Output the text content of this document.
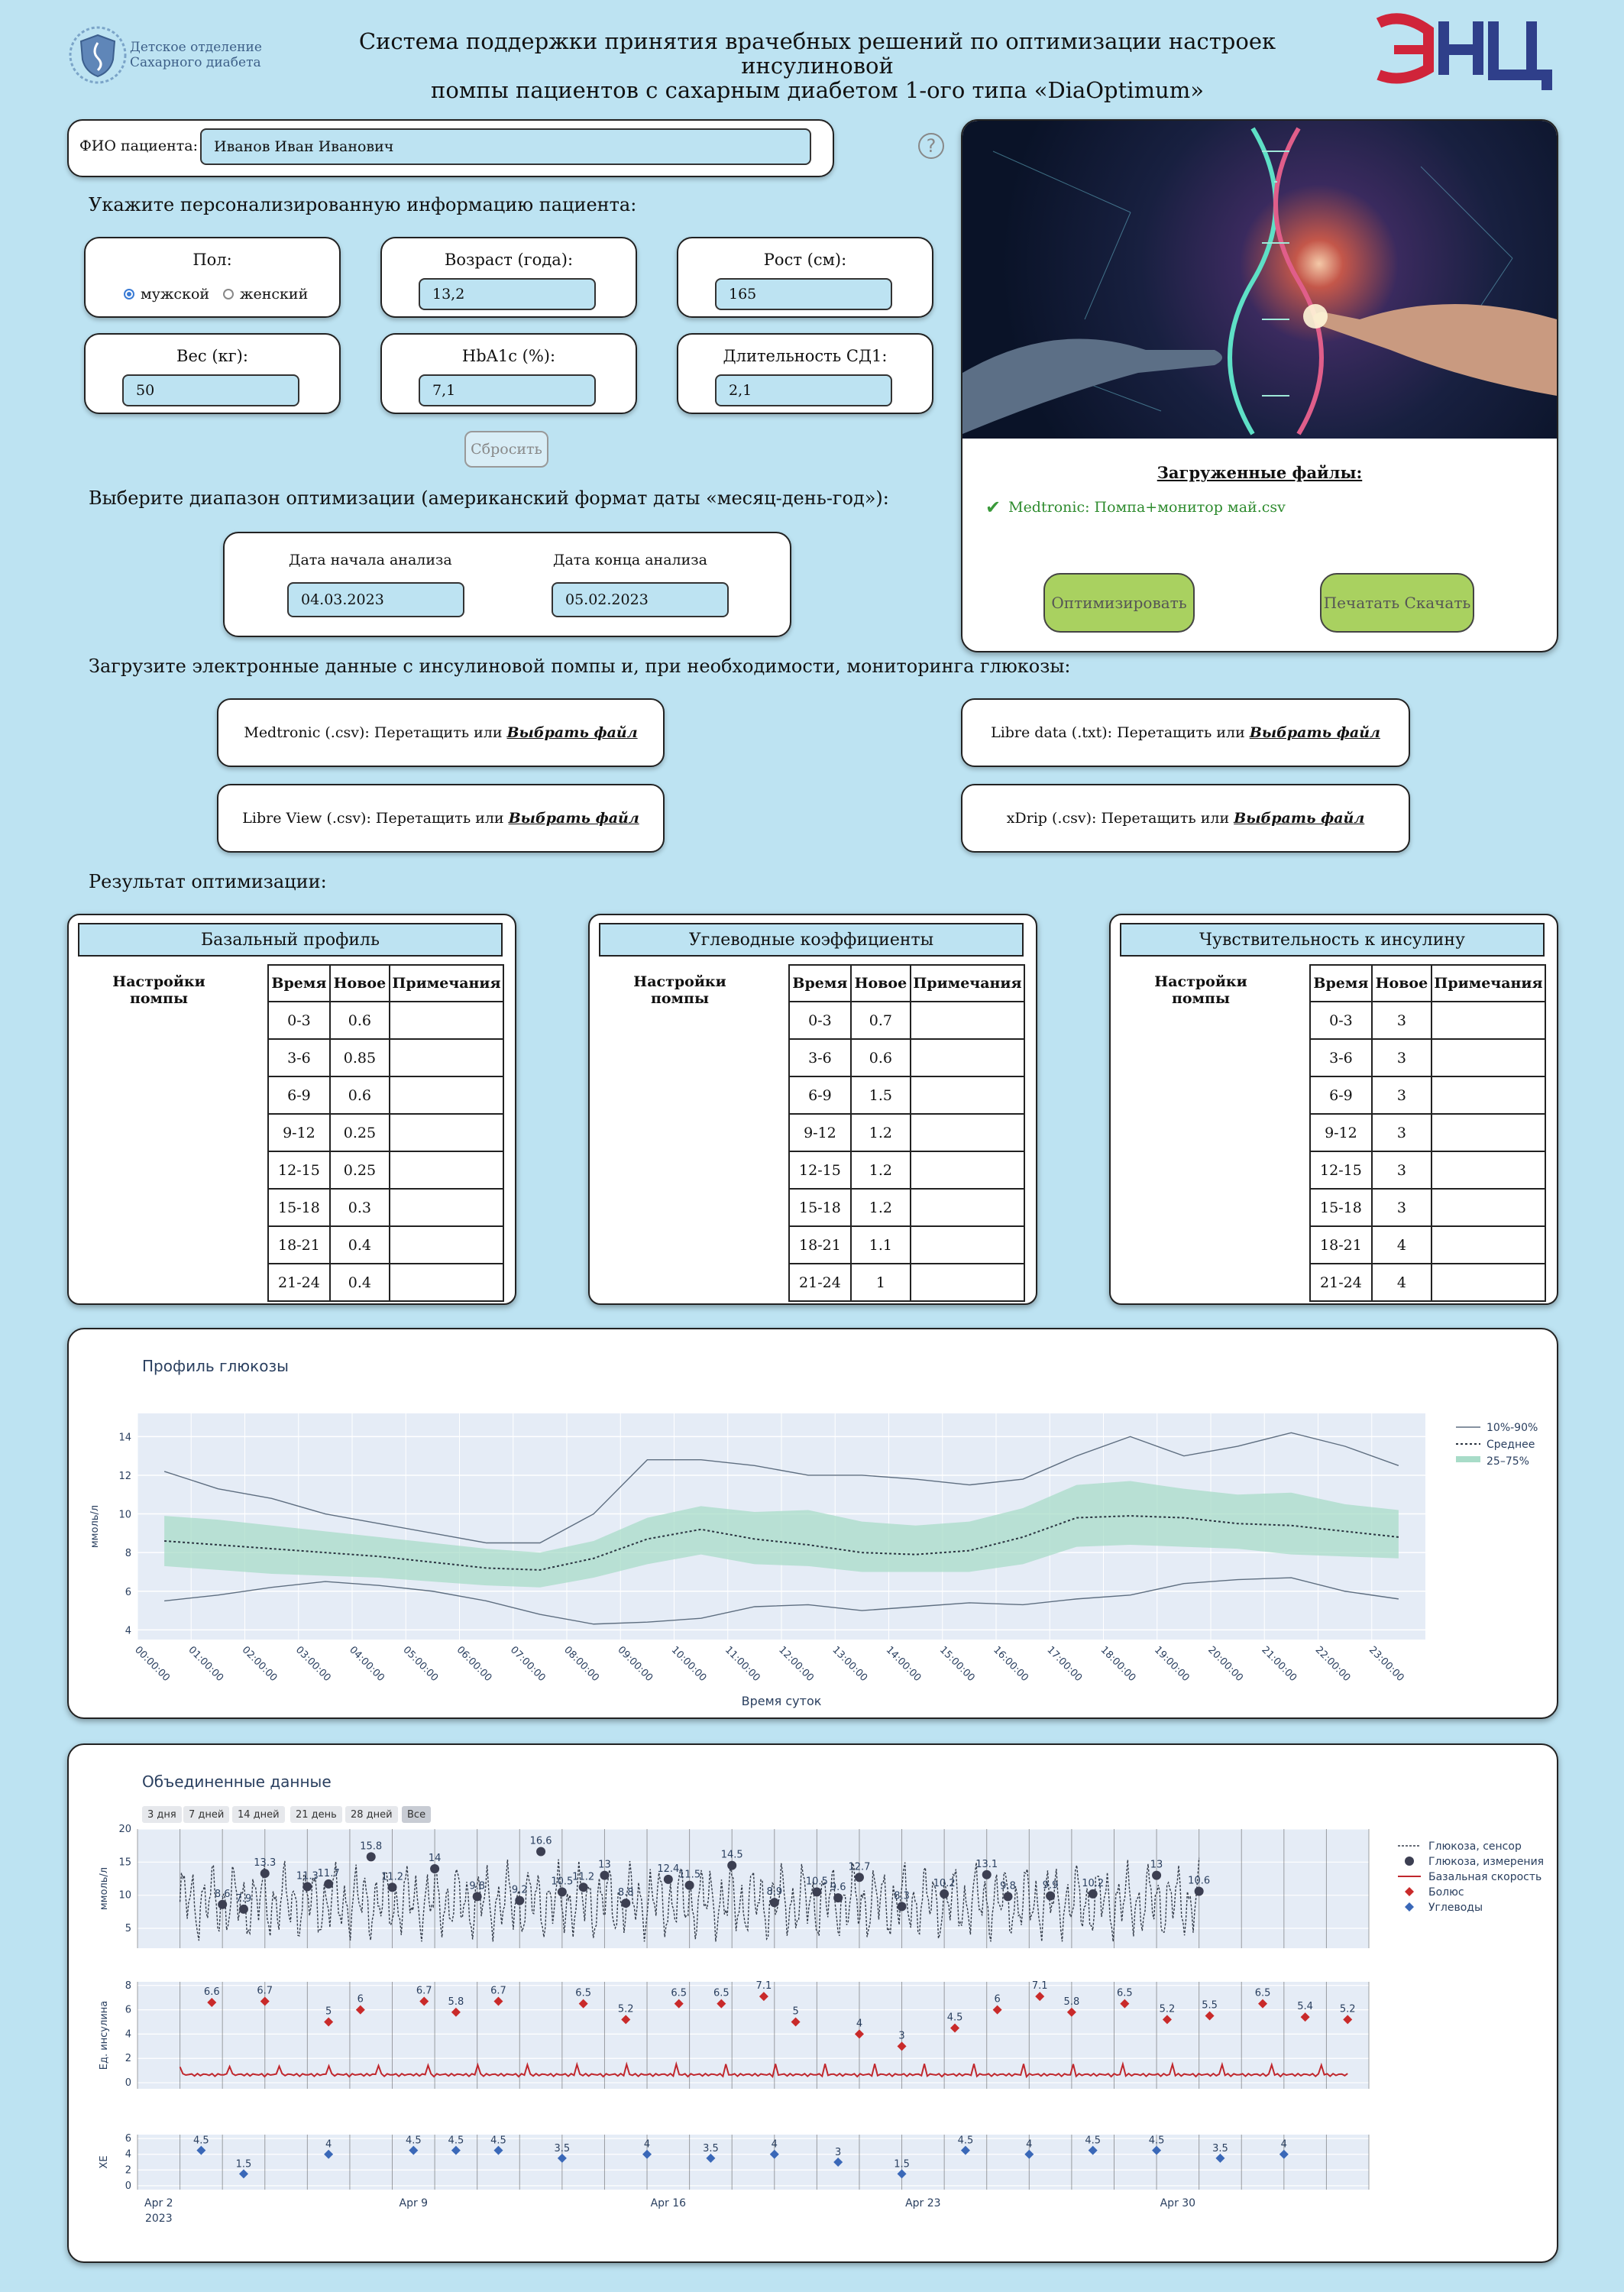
Детское отделение
Сахарного диабета
Система поддержки принятия врачебных решений по оптимизации настроек инсулиновой
помпы пациентов с сахарным диабетом 1-ого типа «DiaOptimum»
ФИО пациента:	Иванов Иван Иванович	?
Укажите персонализированную информацию пациента:
Пол:
мужской женский
Возраст (года):
13,2
Рост (см):
165
Вес (кг):
50
HbA1c (%):
7,1
Длительность СД1:
2,1
Сбросить
Выберите диапазон оптимизации (американский формат даты «месяц-день-год»):
Дата начала анализа
04.03.2023
Дата конца анализа
05.02.2023
Загруженные файлы:
✔ Medtronic: Помпа+монитор май.csv
Оптимизировать	Печатать Скачать
Загрузите электронные данные с инсулиновой помпы и, при необходимости, мониторинга глюкозы:
Medtronic (.csv):
Перетащить или Выбрать файл	Libre data (.txt):
Перетащить или Выбрать файл
Libre View (.csv):
Перетащить или Выбрать файл	xDrip (.csv):
Перетащить или Выбрать файл
Результат оптимизации:
Базальный профиль
Настройки помпы
Время	Новое	Примечания
0-3	0.6	
3-6	0.85	
6-9	0.6	
9-12	0.25	
12-15	0.25	
15-18	0.3	
18-21	0.4	
21-24	0.4	
Углеводные коэффициенты
Настройки помпы
Время	Новое	Примечания
0-3	0.7	
3-6	0.6	
6-9	1.5	
9-12	1.2	
12-15	1.2	
15-18	1.2	
18-21	1.1	
21-24	1	
Чувствительность к инсулину
Настройки помпы
Время	Новое	Примечания
0-3	3	
3-6	3	
6-9	3	
9-12	3	
12-15	3	
15-18	3	
18-21	4	
21-24	4	
Профиль глюкозы
4
6
8
10
12
14
00:00:00 01:00:00 02:00:00 03:00:00 04:00:00 05:00:00 06:00:00 07:00:00 08:00:00 09:00:00 10:00:00 11:00:00 12:00:00 13:00:00 14:00:00 15:00:00 16:00:00 17:00:00 18:00:00 19:00:00 20:00:00 21:00:00 22:00:00 23:00:00
ммоль/л
Время суток
10%-90%
Среднее
25–75%
Объединенные данные
3 дня	7 дней	14 дней	21 день	28 дней	Все
5
10
15
20
ммоль/л
0
2
4
6
8
Ед. инсулина
0
2
4
6
ХЕ
8.6 7.9
13.3
11.3
11.7
15.8
11.2
14
9.8	9.2
16.6
10.5
11.2
13
8.8
12.4
11.5
14.5
8.9
10.5
9.6
12.7
8.3
10.2
13.1
9.8	9.9 10.2
13
10.6
6.6	6.7
5
6
6.7
5.8
6.7	6.5
5.2
6.5	6.5
7.1
5
4
3
4.5
6
7.1
5.8
6.5
5.2	5.5
6.5
5.4	5.2
4.5
1.5
4	4.5	4.5	4.5
3.5	4	3.5	4
3
1.5
4.5	4	4.5	4.5
3.5	4
Apr 2	Apr 9	Apr 16	Apr 23	Apr 30
2023
Глюкоза, сенсор
Глюкоза, измерения
Базальная скорость
Болюс
Углеводы
